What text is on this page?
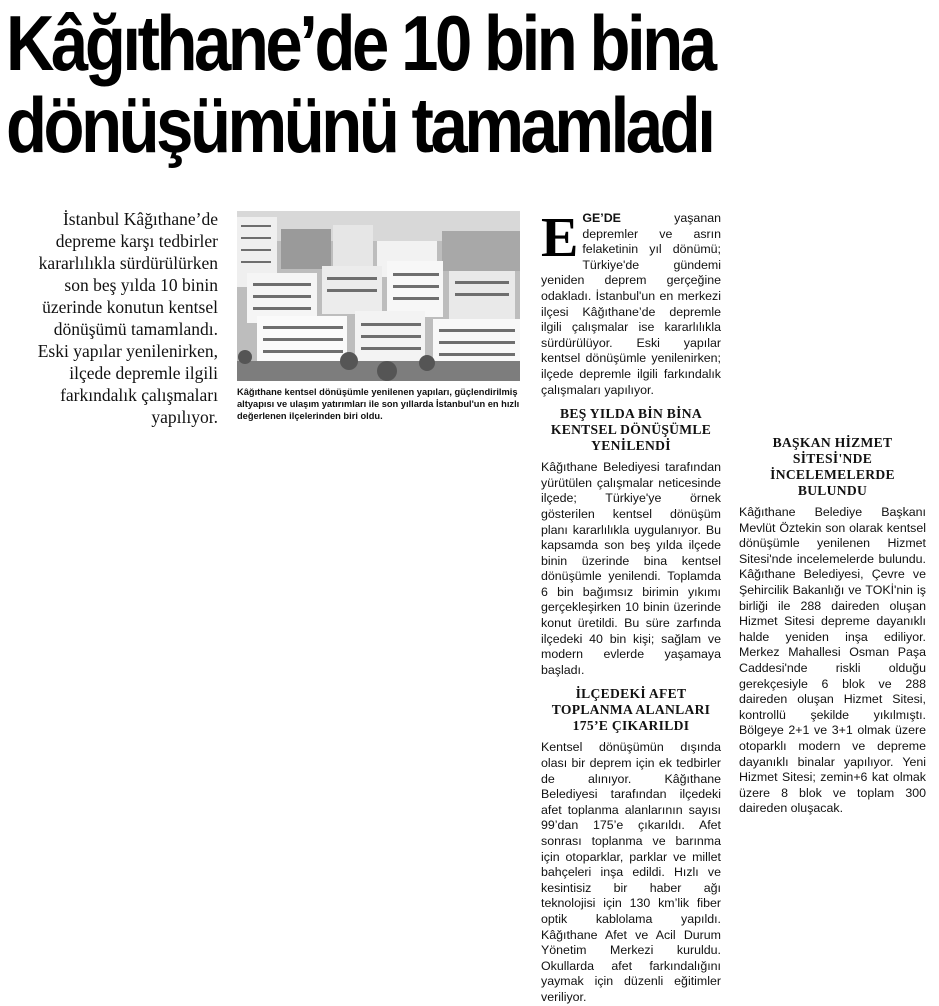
Kâğıthane’de 10 bin bina
dönüşümünü tamamladı
İstanbul Kâğıthane’de depreme karşı tedbirler kararlılıkla sürdürülürken son beş yılda 10 binin üzerinde konutun kentsel dönüşümü tamamlandı. Eski yapılar yenilenirken, ilçede depremle ilgili farkındalık çalışmaları yapılıyor.
Kâğıthane kentsel dönüşümle yenilenen yapıları, güçlendirilmiş altyapısı ve ulaşım yatırımları ile son yıllarda İstanbul'un en hızlı değerlenen ilçelerinden biri oldu.

EGE’DE yaşanan depremler ve asrın felaketinin yıl dönümü; Türkiye'de gündemi yeniden deprem gerçeğine odakladı. İstanbul'un en merkezi ilçesi Kâğıthane’de depremle ilgili çalışmalar ise kararlılıkla sürdürülüyor. Eski yapılar kentsel dönüşümle yenilenirken; ilçede depremle ilgili farkındalık çalışmaları yapılıyor.

BEŞ YILDA BİN BİNA KENTSEL DÖNÜŞÜMLE YENİLENDİ

Kâğıthane Belediyesi tarafından yürütülen çalışmalar neticesinde ilçede; Türkiye'ye örnek gösterilen kentsel dönüşüm planı kararlılıkla uygulanıyor. Bu kapsamda son beş yılda ilçede binin üzerinde bina kentsel dönüşümle yenilendi. Toplamda 6 bin bağımsız birimin yıkımı gerçekleşirken 10 binin üzerinde konut üretildi. Bu süre zarfında ilçedeki 40 bin kişi; sağlam ve modern evlerde yaşamaya başladı.

İLÇEDEKİ AFET TOPLANMA ALANLARI 175’E ÇIKARILDI

Kentsel dönüşümün dışında olası bir deprem için ek tedbirler de alınıyor. Kâğıthane Belediyesi tarafından ilçedeki afet toplanma alanlarının sayısı 99’dan 175’e çıkarıldı. Afet sonrası toplanma ve barınma için otoparklar, parklar ve millet bahçeleri inşa edildi. Hızlı ve kesintisiz bir haber ağı teknolojisi için 130 km’lik fiber optik kablolama yapıldı. Kâğıthane Afet ve Acil Durum Yönetim Merkezi kuruldu. Okullarda afet farkındalığını yaymak için düzenli eğitimler veriliyor.

BAŞKAN HİZMET SİTESİ'NDE İNCELEMELERDE BULUNDU

Kâğıthane Belediye Başkanı Mevlüt Öztekin son olarak kentsel dönüşümle yenilenen Hizmet Sitesi'nde incelemelerde bulundu. Kâğıthane Belediyesi, Çevre ve Şehircilik Bakanlığı ve TOKİ'nin iş birliği ile 288 daireden oluşan Hizmet Sitesi depreme dayanıklı halde yeniden inşa ediliyor. Merkez Mahallesi Osman Paşa Caddesi'nde riskli olduğu gerekçesiyle 6 blok ve 288 daireden oluşan Hizmet Sitesi, kontrollü şekilde yıkılmıştı. Bölgeye 2+1 ve 3+1 olmak üzere otoparklı modern ve depreme dayanıklı binalar yapılıyor. Yeni Hizmet Sitesi; zemin+6 kat olmak üzere 8 blok ve toplam 300 daireden oluşacak.
